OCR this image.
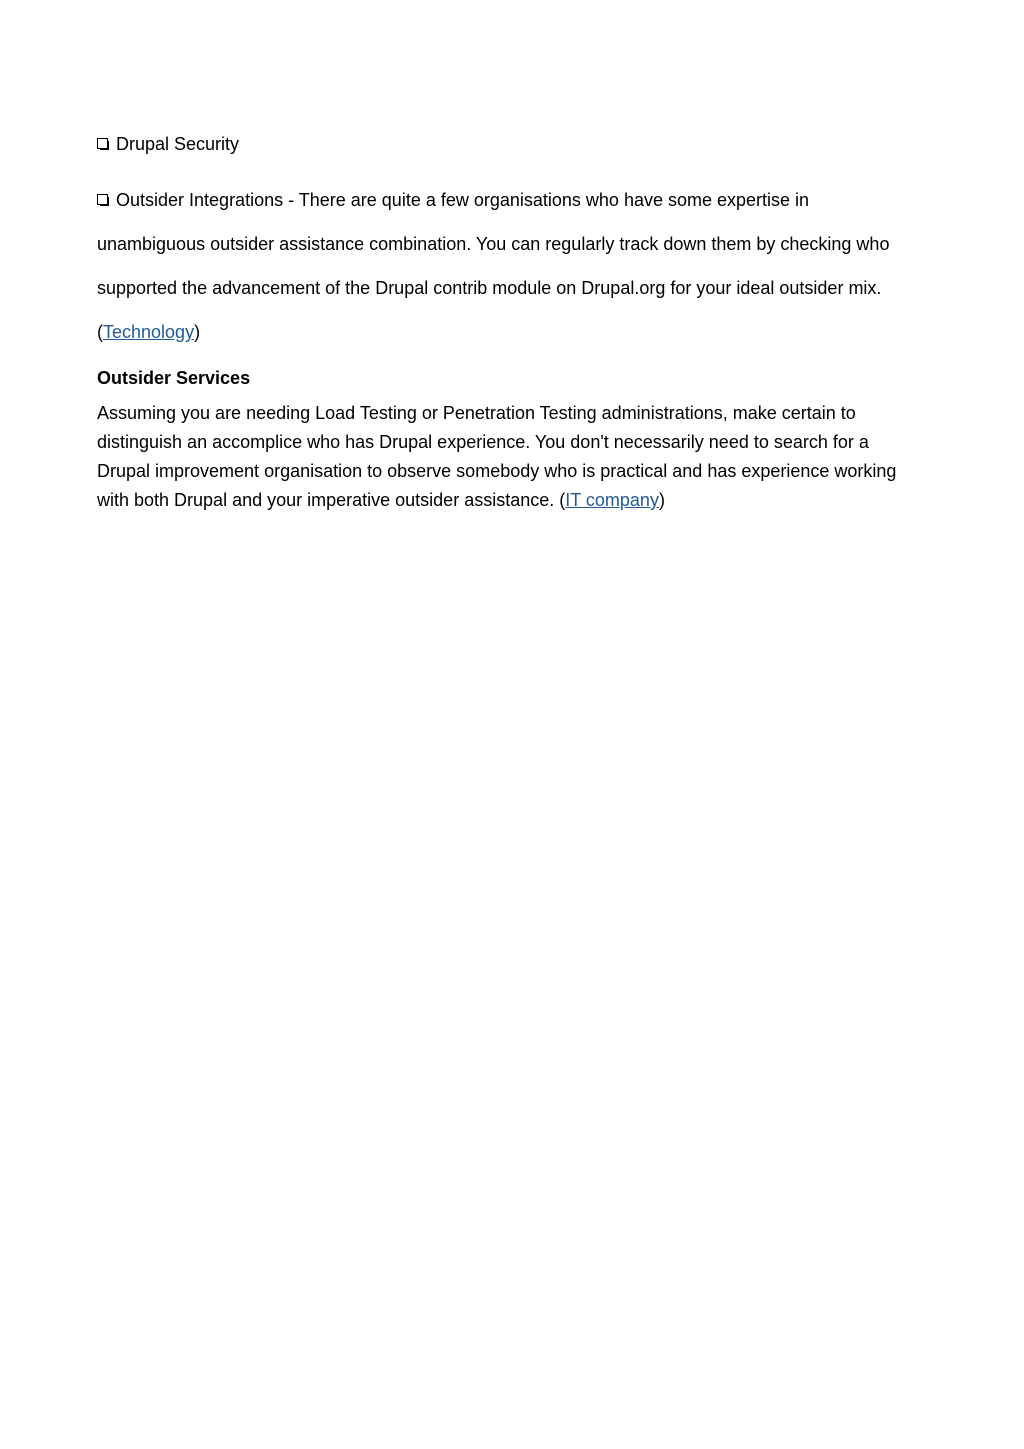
Drupal Security
Outsider Integrations - There are quite a few organisations who have some expertise in unambiguous outsider assistance combination. You can regularly track down them by checking who supported the advancement of the Drupal contrib module on Drupal.org for your ideal outsider mix. (Technology)
Outsider Services

Assuming you are needing Load Testing or Penetration Testing administrations, make certain to distinguish an accomplice who has Drupal experience. You don't necessarily need to search for a Drupal improvement organisation to observe somebody who is practical and has experience working with both Drupal and your imperative outsider assistance. (IT company)
